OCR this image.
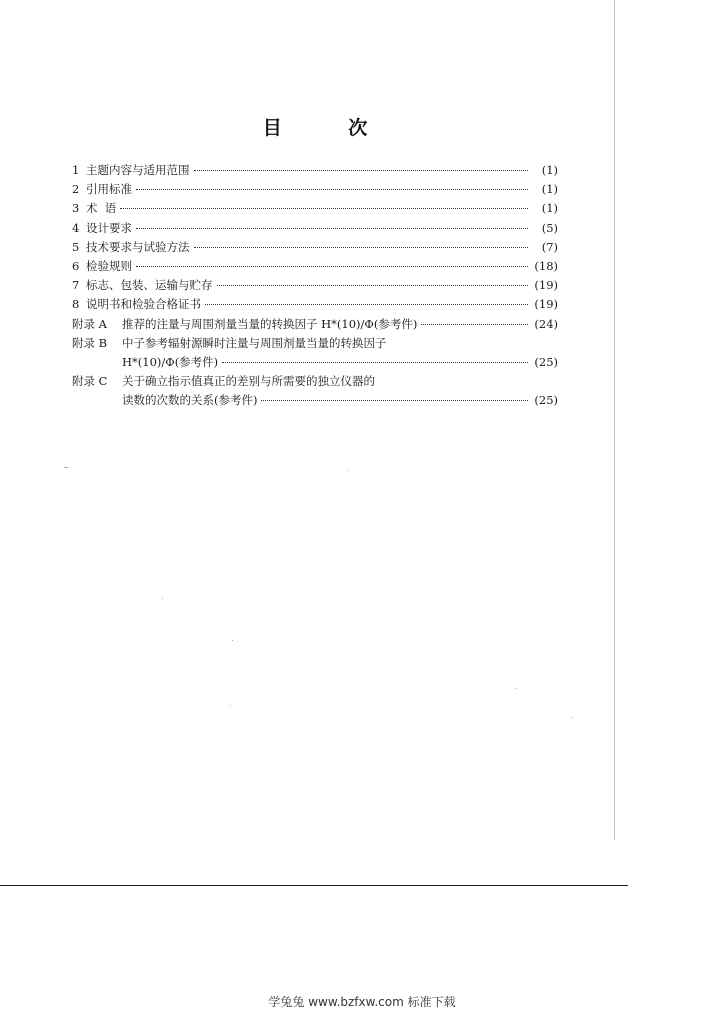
目 次
1 主题内容与适用范围	(1)
2 引用标准	(1)
3 术  语	(1)
4 设计要求	(5)
5 技术要求与试验方法	(7)
6 检验规则	(18)
7 标志、包装、运输与贮存	(19)
8 说明书和检验合格证书	(19)
附录 A	推荐的注量与周围剂量当量的转换因子 H*(10)/Φ(参考件)	(24)
附录 B	中子参考辐射源瞬时注量与周围剂量当量的转换因子
H*(10)/Φ(参考件)	(25)
附录 C	关于确立指示值真正的差别与所需要的独立仪器的
读数的次数的关系(参考件)	(25)
学兔兔 www.bzfxw.com 标准下载
